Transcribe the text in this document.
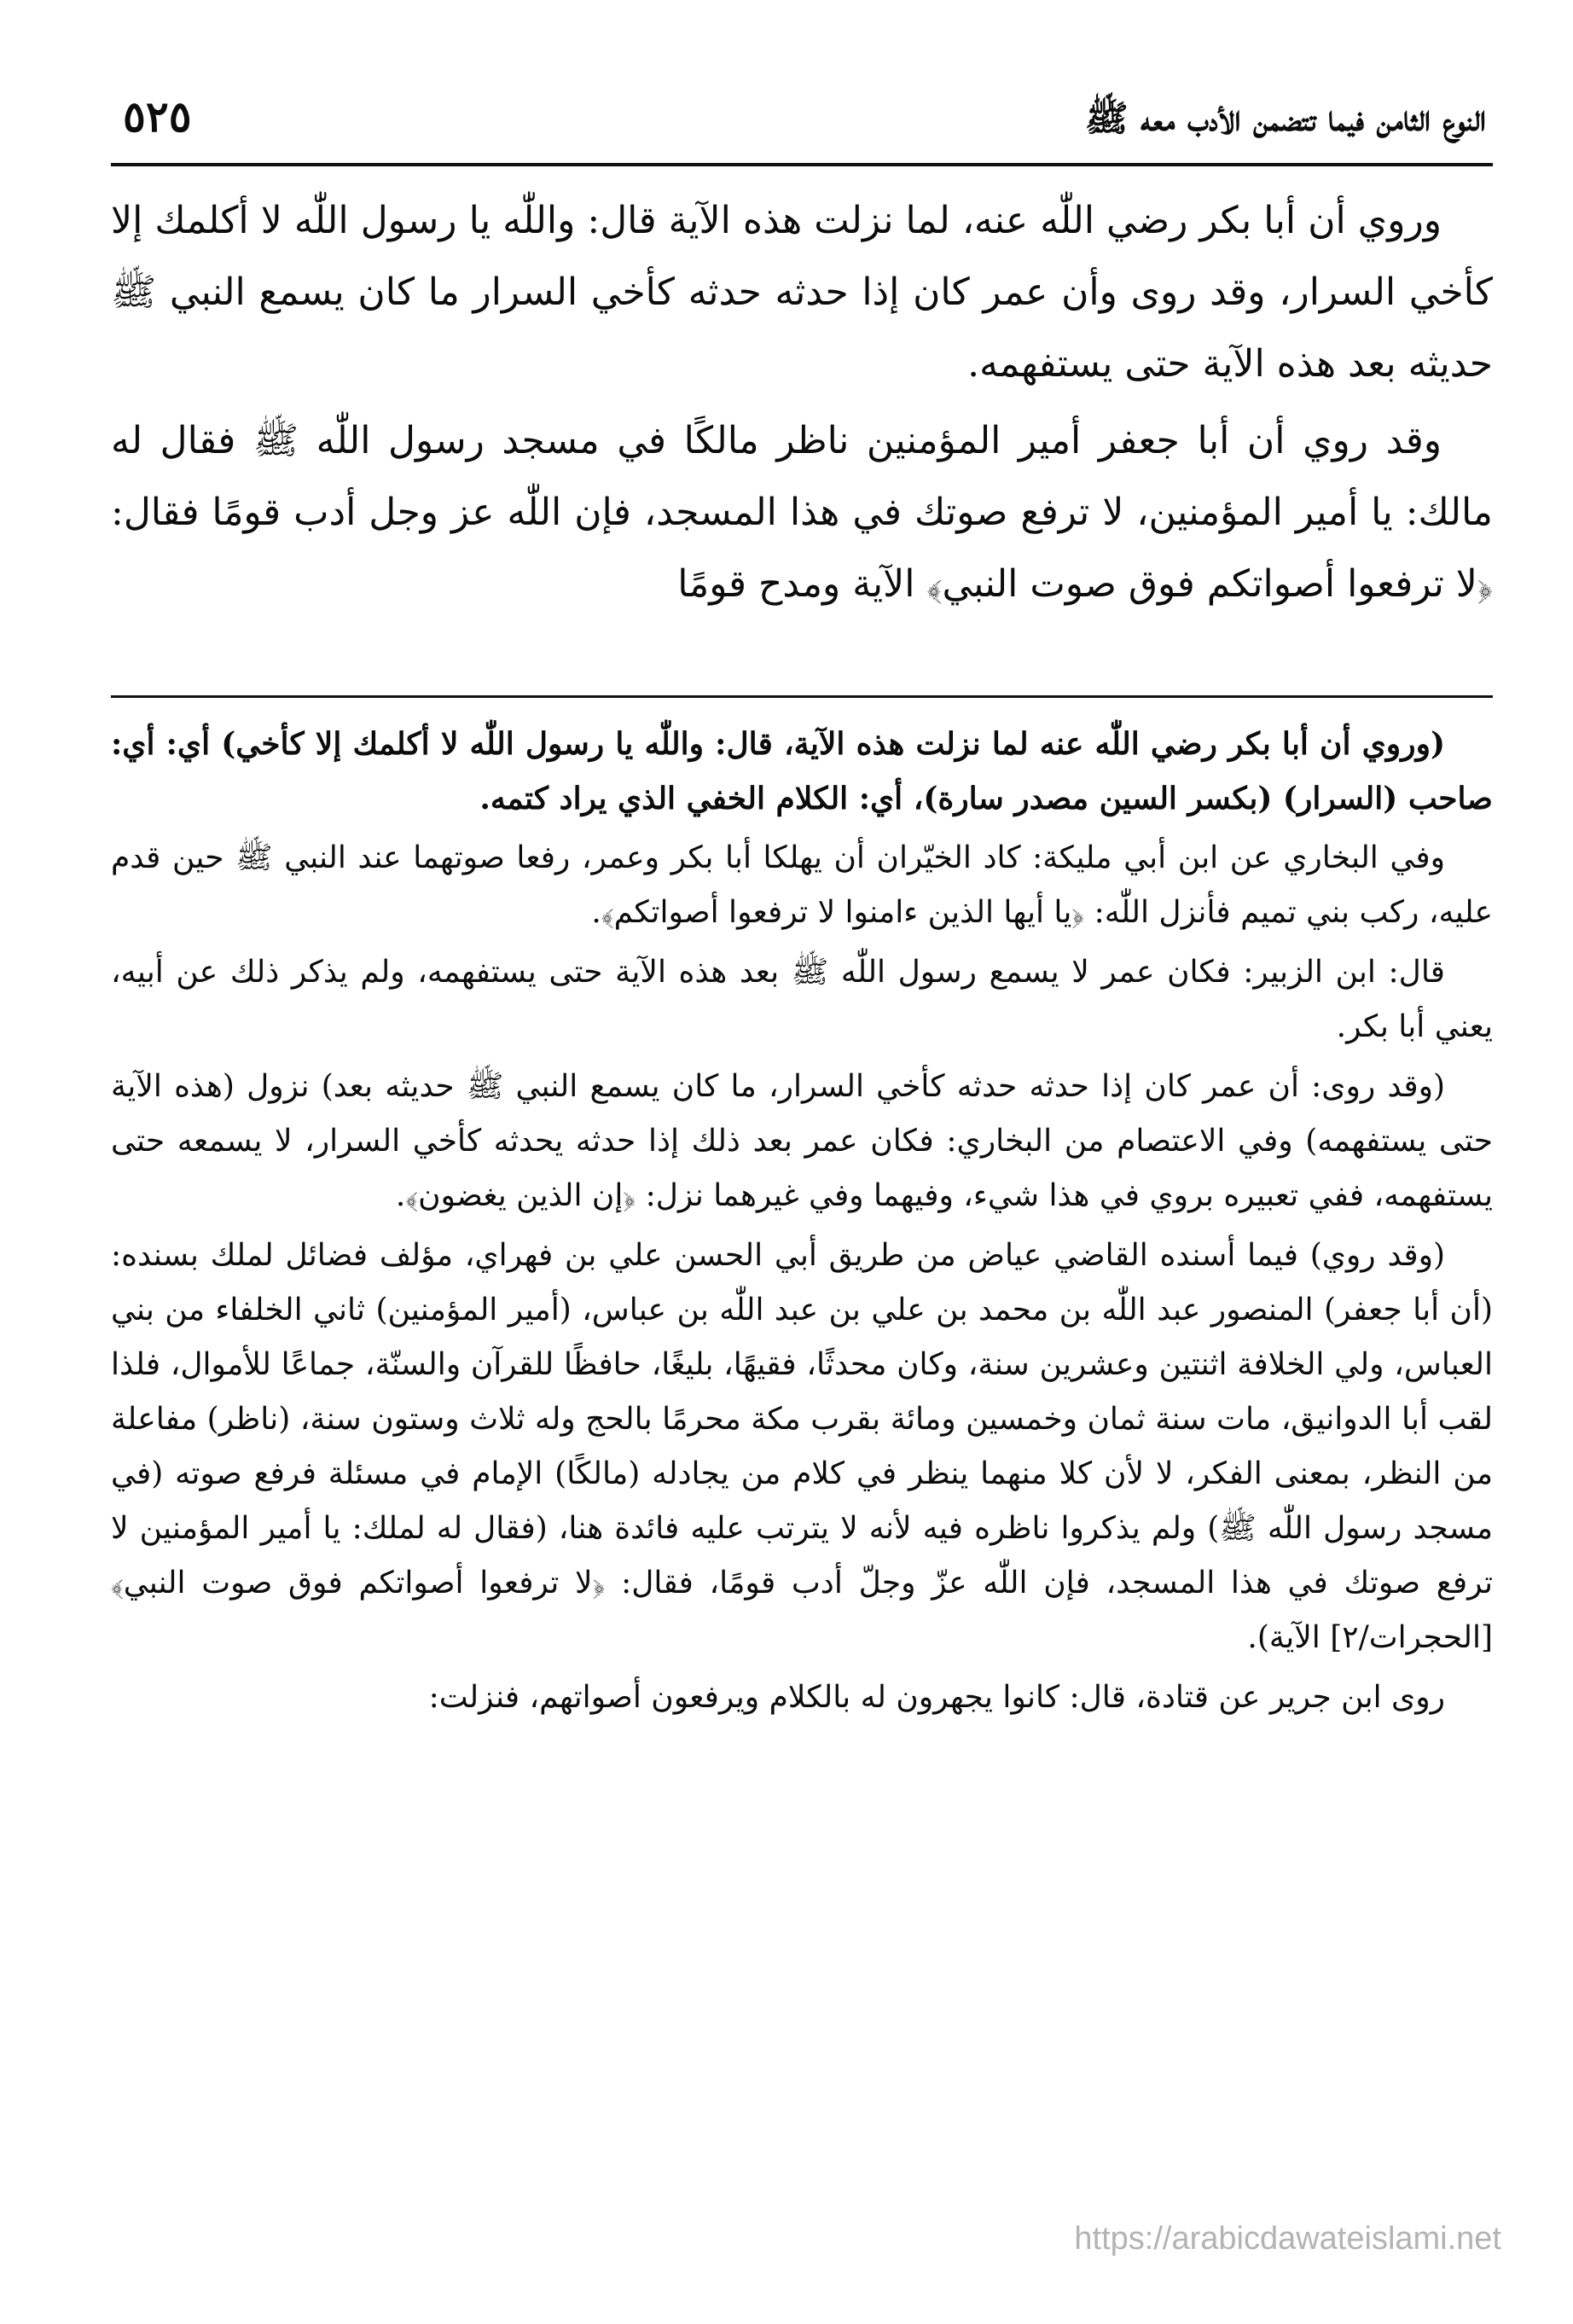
النوع الثامن فيما تتضمن الأدب معه ﷺ
٥٢٥

وروي أن أبا بكر رضي اللّٰه عنه، لما نزلت هذه الآية قال: واللّٰه يا رسول اللّٰه لا أكلمك إلا كأخي السرار، وقد روى وأن عمر كان إذا حدثه حدثه كأخي السرار ما كان يسمع النبي ﷺ حديثه بعد هذه الآية حتى يستفهمه.

وقد روي أن أبا جعفر أمير المؤمنين ناظر مالكًا في مسجد رسول اللّٰه ﷺ فقال له مالك: يا أمير المؤمنين، لا ترفع صوتك في هذا المسجد، فإن اللّٰه عز وجل أدب قومًا فقال: ﴿لا ترفعوا أصواتكم فوق صوت النبي﴾ الآية ومدح قومًا

(وروي أن أبا بكر رضي اللّٰه عنه لما نزلت هذه الآية، قال: واللّٰه يا رسول اللّٰه لا أكلمك إلا كأخي) أي: أي: صاحب (السرار) (بكسر السين مصدر سارة)، أي: الكلام الخفي الذي يراد كتمه.

وفي البخاري عن ابن أبي مليكة: كاد الخيّران أن يهلكا أبا بكر وعمر، رفعا صوتهما عند النبي ﷺ حين قدم عليه، ركب بني تميم فأنزل اللّٰه: ﴿يا أيها الذين ءامنوا لا ترفعوا أصواتكم﴾.

قال: ابن الزبير: فكان عمر لا يسمع رسول اللّٰه ﷺ بعد هذه الآية حتى يستفهمه، ولم يذكر ذلك عن أبيه، يعني أبا بكر.

(وقد روى: أن عمر كان إذا حدثه حدثه كأخي السرار، ما كان يسمع النبي ﷺ حديثه بعد) نزول (هذه الآية حتى يستفهمه) وفي الاعتصام من البخاري: فكان عمر بعد ذلك إذا حدثه يحدثه كأخي السرار، لا يسمعه حتى يستفهمه، ففي تعبيره بروي في هذا شيء، وفيهما وفي غيرهما نزل: ﴿إن الذين يغضون﴾.

(وقد روي) فيما أسنده القاضي عياض من طريق أبي الحسن علي بن فهراي، مؤلف فضائل لملك بسنده: (أن أبا جعفر) المنصور عبد اللّٰه بن محمد بن علي بن عبد اللّٰه بن عباس، (أمير المؤمنين) ثاني الخلفاء من بني العباس، ولي الخلافة اثنتين وعشرين سنة، وكان محدثًا، فقيهًا، بليغًا، حافظًا للقرآن والسنّة، جماعًا للأموال، فلذا لقب أبا الدوانيق، مات سنة ثمان وخمسين ومائة بقرب مكة محرمًا بالحج وله ثلاث وستون سنة، (ناظر) مفاعلة من النظر، بمعنى الفكر، لا لأن كلا منهما ينظر في كلام من يجادله (مالكًا) الإمام في مسئلة فرفع صوته (في مسجد رسول اللّٰه ﷺ) ولم يذكروا ناظره فيه لأنه لا يترتب عليه فائدة هنا، (فقال له لملك: يا أمير المؤمنين لا ترفع صوتك في هذا المسجد، فإن اللّٰه عزّ وجلّ أدب قومًا، فقال: ﴿لا ترفعوا أصواتكم فوق صوت النبي﴾ [الحجرات/٢] الآية).

روى ابن جرير عن قتادة، قال: كانوا يجهرون له بالكلام ويرفعون أصواتهم، فنزلت:

https://arabicdawateislami.net
